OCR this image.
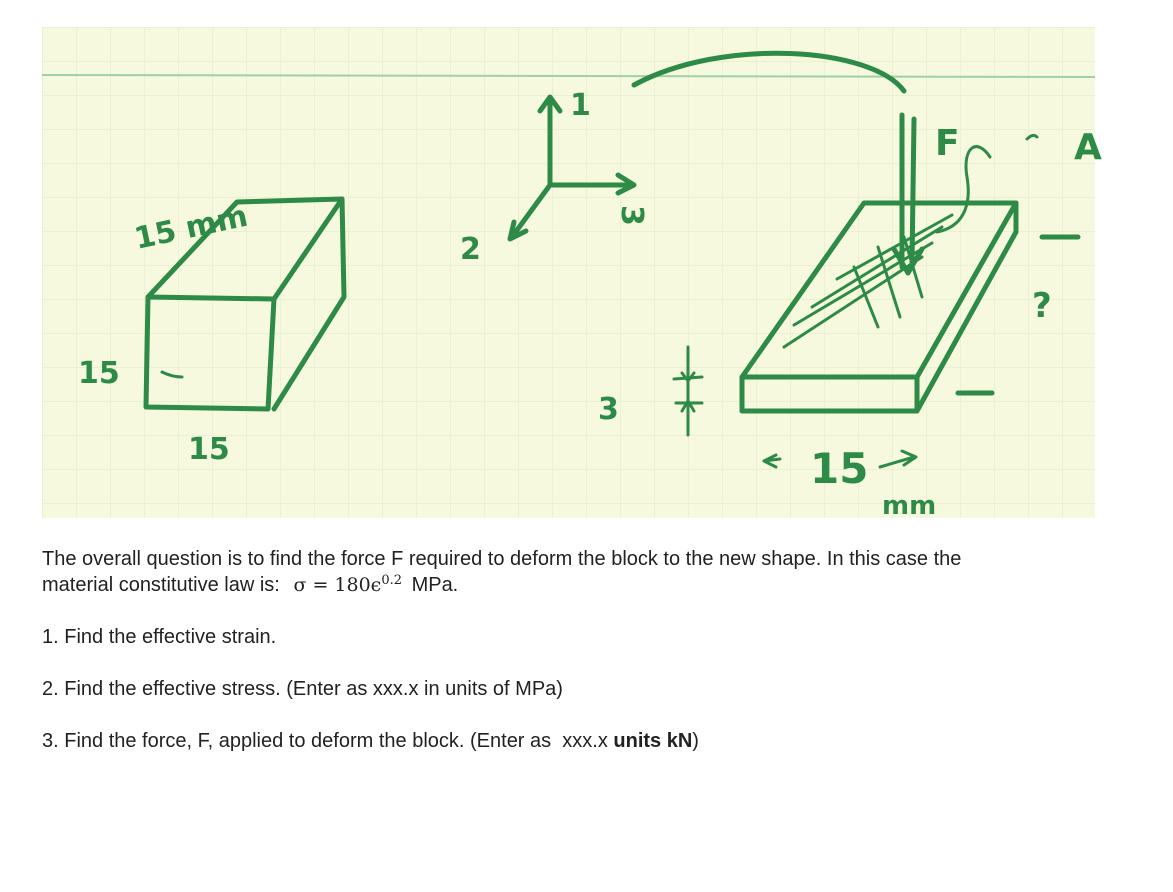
15 mm
15
15
1
2
3
F	A
?
3
15
mm

The overall question is to find the force F required to deform the block to the new shape. In this case the
material constitutive law is: $\sigma = 180\epsilon^{0.2}$ MPa.

1. Find the effective strain.

2. Find the effective stress. (Enter as xxx.x in units of MPa)

3. Find the force, F, applied to deform the block. (Enter as  xxx.x units kN)
